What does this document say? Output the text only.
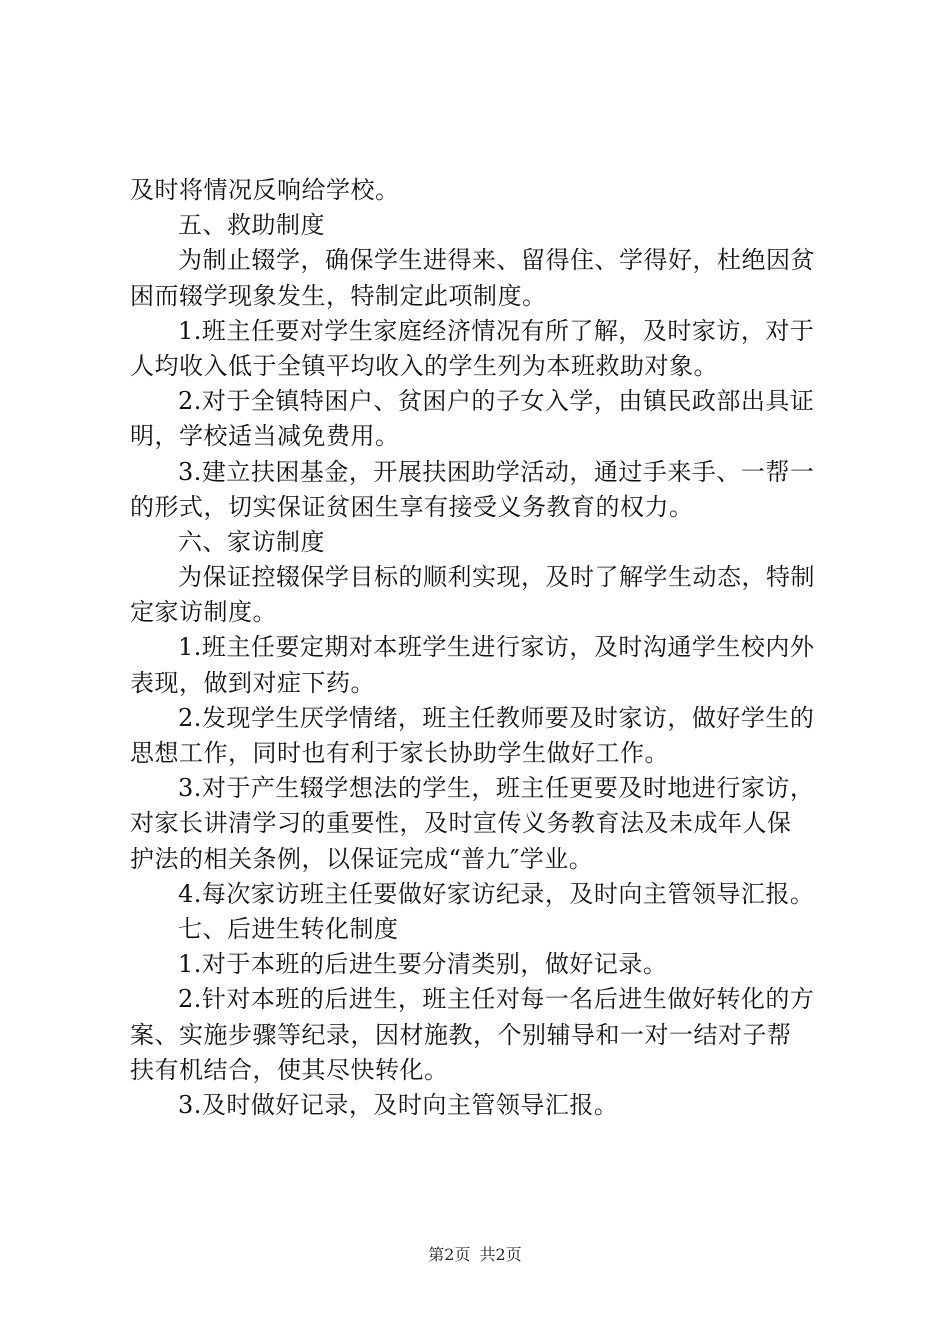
及时将情况反响给学校。
五、救助制度
为制止辍学，确保学生进得来、留得住、学得好，杜绝因贫
困而辍学现象发生，特制定此项制度。
1.班主任要对学生家庭经济情况有所了解，及时家访，对于
人均收入低于全镇平均收入的学生列为本班救助对象。
2.对于全镇特困户、贫困户的子女入学，由镇民政部出具证
明，学校适当减免费用。
3.建立扶困基金，开展扶困助学活动，通过手来手、一帮一
的形式，切实保证贫困生享有接受义务教育的权力。
六、家访制度
为保证控辍保学目标的顺利实现，及时了解学生动态，特制
定家访制度。
1.班主任要定期对本班学生进行家访，及时沟通学生校内外
表现，做到对症下药。
2.发现学生厌学情绪，班主任教师要及时家访，做好学生的
思想工作，同时也有利于家长协助学生做好工作。
3.对于产生辍学想法的学生，班主任更要及时地进行家访，
对家长讲清学习的重要性，及时宣传义务教育法及未成年人保
护法的相关条例，以保证完成“普九″学业。
4.每次家访班主任要做好家访纪录，及时向主管领导汇报。
七、后进生转化制度
1.对于本班的后进生要分清类别，做好记录。
2.针对本班的后进生，班主任对每一名后进生做好转化的方
案、实施步骤等纪录，因材施教，个别辅导和一对一结对子帮
扶有机结合，使其尽快转化。
3.及时做好记录，及时向主管领导汇报。
第2页 共2页
